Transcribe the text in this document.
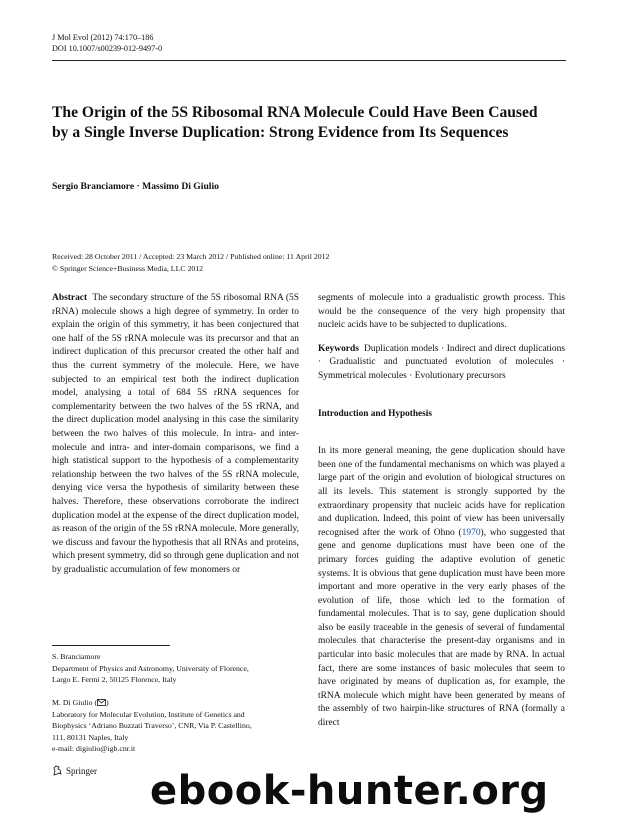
J Mol Evol (2012) 74:170–186
DOI 10.1007/s00239-012-9497-0
The Origin of the 5S Ribosomal RNA Molecule Could Have Been Caused by a Single Inverse Duplication: Strong Evidence from Its Sequences
Sergio Branciamore · Massimo Di Giulio
Received: 28 October 2011 / Accepted: 23 March 2012 / Published online: 11 April 2012
© Springer Science+Business Media, LLC 2012

Abstract The secondary structure of the 5S ribosomal RNA (5S rRNA) molecule shows a high degree of symmetry. In order to explain the origin of this symmetry, it has been conjectured that one half of the 5S rRNA molecule was its precursor and that an indirect duplication of this precursor created the other half and thus the current symmetry of the molecule. Here, we have subjected to an empirical test both the indirect duplication model, analysing a total of 684 5S rRNA sequences for complementarity between the two halves of the 5S rRNA, and the direct duplication model analysing in this case the similarity between the two halves of this molecule. In intra- and inter-molecule and intra- and inter-domain comparisons, we find a high statistical support to the hypothesis of a complementarity relationship between the two halves of the 5S rRNA molecule, denying vice versa the hypothesis of similarity between these halves. Therefore, these observations corroborate the indirect duplication model at the expense of the direct duplication model, as reason of the origin of the 5S rRNA molecule. More generally, we discuss and favour the hypothesis that all RNAs and proteins, which present symmetry, did so through gene duplication and not by gradualistic accumulation of few monomers or

segments of molecule into a gradualistic growth process. This would be the consequence of the very high propensity that nucleic acids have to be subjected to duplications.

Keywords Duplication models · Indirect and direct duplications · Gradualistic and punctuated evolution of molecules · Symmetrical molecules · Evolutionary precursors

Introduction and Hypothesis

In its more general meaning, the gene duplication should have been one of the fundamental mechanisms on which was played a large part of the origin and evolution of biological structures on all its levels. This statement is strongly supported by the extraordinary propensity that nucleic acids have for replication and duplication. Indeed, this point of view has been universally recognised after the work of Ohno (1970), who suggested that gene and genome duplications must have been one of the primary forces guiding the adaptive evolution of genetic systems. It is obvious that gene duplication must have been more important and more operative in the very early phases of the evolution of life, those which led to the formation of fundamental molecules. That is to say, gene duplication should also be easily traceable in the genesis of several of fundamental molecules that characterise the present-day organisms and in particular into basic molecules that are made by RNA. In actual fact, there are some instances of basic molecules that seem to have originated by means of duplication as, for example, the tRNA molecule which might have been generated by means of the assembly of two hairpin-like structures of RNA (formally a direct

S. Branciamore
Department of Physics and Astronomy, University of Florence,
Largo E. Fermi 2, 50125 Florence, Italy
M. Di Giulio ( )
Laboratory for Molecular Evolution, Institute of Genetics and
Biophysics ‘Adriano Buzzati Traverso’, CNR, Via P. Castellino,
111, 80131 Naples, Italy
e-mail: digiulio@igb.cnr.it
Springer ebook-hunter.org
